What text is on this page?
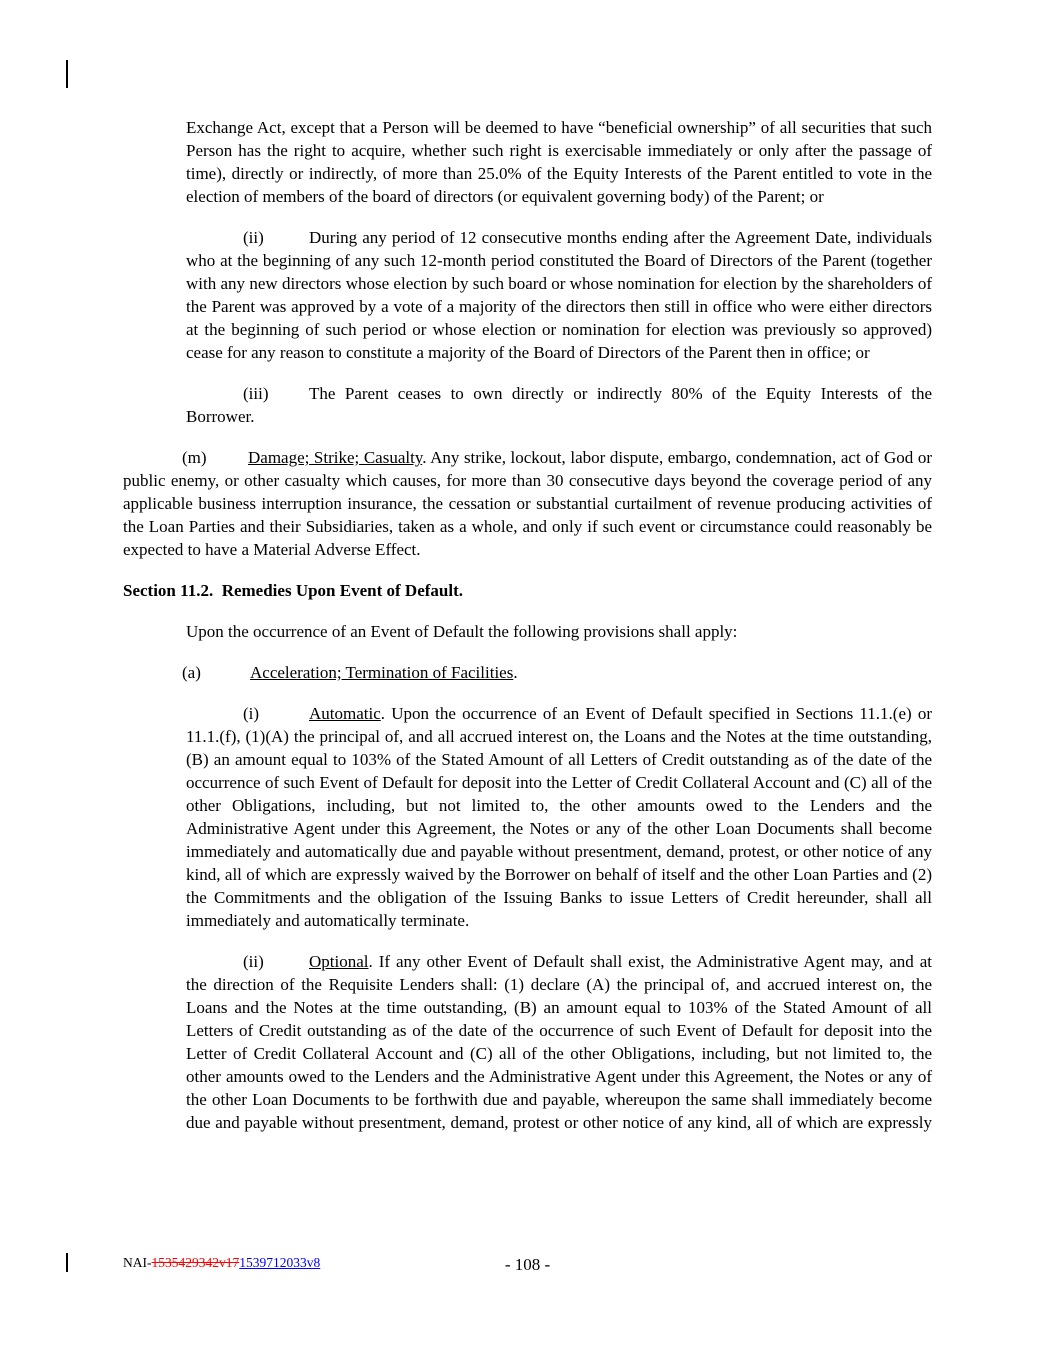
Exchange Act, except that a Person will be deemed to have “beneficial ownership” of all securities that such Person has the right to acquire, whether such right is exercisable immediately or only after the passage of time), directly or indirectly, of more than 25.0% of the Equity Interests of the Parent entitled to vote in the election of members of the board of directors (or equivalent governing body) of the Parent; or

(ii)	During any period of 12 consecutive months ending after the Agreement Date, individuals who at the beginning of any such 12-month period constituted the Board of Directors of the Parent (together with any new directors whose election by such board or whose nomination for election by the shareholders of the Parent was approved by a vote of a majority of the directors then still in office who were either directors at the beginning of such period or whose election or nomination for election was previously so approved) cease for any reason to constitute a majority of the Board of Directors of the Parent then in office; or

(iii) The Parent ceases to own directly or indirectly 80% of the Equity Interests of the Borrower.

(m) Damage; Strike; Casualty. Any strike, lockout, labor dispute, embargo, condemnation, act of God or public enemy, or other casualty which causes, for more than 30 consecutive days beyond the coverage period of any applicable business interruption insurance, the cessation or substantial curtailment of revenue producing activities of the Loan Parties and their Subsidiaries, taken as a whole, and only if such event or circumstance could reasonably be expected to have a Material Adverse Effect.

Section 11.2.  Remedies Upon Event of Default.

Upon the occurrence of an Event of Default the following provisions shall apply:

(a)	Acceleration; Termination of Facilities.

(i)	Automatic. Upon the occurrence of an Event of Default specified in Sections 11.1.(e) or 11.1.(f), (1)(A) the principal of, and all accrued interest on, the Loans and the Notes at the time outstanding, (B) an amount equal to 103% of the Stated Amount of all Letters of Credit outstanding as of the date of the occurrence of such Event of Default for deposit into the Letter of Credit Collateral Account and (C) all of the other Obligations, including, but not limited to, the other amounts owed to the Lenders and the Administrative Agent under this Agreement, the Notes or any of the other Loan Documents shall become immediately and automatically due and payable without presentment, demand, protest, or other notice of any kind, all of which are expressly waived by the Borrower on behalf of itself and the other Loan Parties and (2) the Commitments and the obligation of the Issuing Banks to issue Letters of Credit hereunder, shall all immediately and automatically terminate.

(ii)	Optional. If any other Event of Default shall exist, the Administrative Agent may, and at the direction of the Requisite Lenders shall: (1) declare (A) the principal of, and accrued interest on, the Loans and the Notes at the time outstanding, (B) an amount equal to 103% of the Stated Amount of all Letters of Credit outstanding as of the date of the occurrence of such Event of Default for deposit into the Letter of Credit Collateral Account and (C) all of the other Obligations, including, but not limited to, the other amounts owed to the Lenders and the Administrative Agent under this Agreement, the Notes or any of the other Loan Documents to be forthwith due and payable, whereupon the same shall immediately become due and payable without presentment, demand, protest or other notice of any kind, all of which are expressly

NAI-1535429342v171539712033v8	- 108 -
